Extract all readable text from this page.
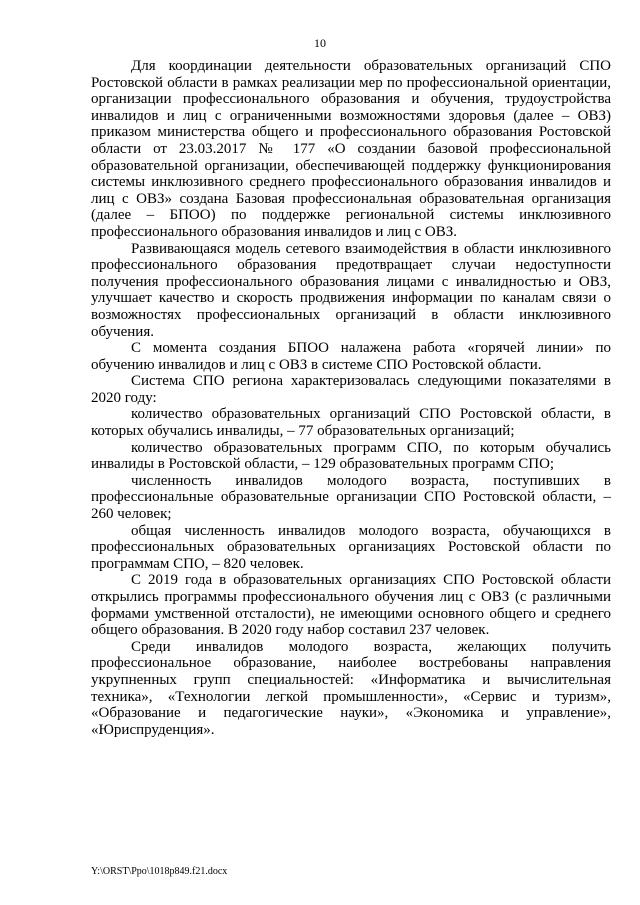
10

Для координации деятельности образовательных организаций СПО Ростовской области в рамках реализации мер по профессиональной ориентации, организации профессионального образования и обучения, трудоустройства инвалидов и лиц с ограниченными возможностями здоровья (далее – ОВЗ) приказом министерства общего и профессионального образования Ростовской области от 23.03.2017 № 177 «О создании базовой профессиональной образовательной организации, обеспечивающей поддержку функционирования системы инклюзивного среднего профессионального образования инвалидов и лиц с ОВЗ» создана Базовая профессиональная образовательная организация (далее – БПОО) по поддержке региональной системы инклюзивного профессионального образования инвалидов и лиц с ОВЗ.

Развивающаяся модель сетевого взаимодействия в области инклюзивного профессионального образования предотвращает случаи недоступности получения профессионального образования лицами с инвалидностью и ОВЗ, улучшает качество и скорость продвижения информации по каналам связи о возможностях профессиональных организаций в области инклюзивного обучения.

С момента создания БПОО налажена работа «горячей линии» по обучению инвалидов и лиц с ОВЗ в системе СПО Ростовской области.

Система СПО региона характеризовалась следующими показателями в 2020 году:

количество образовательных организаций СПО Ростовской области, в которых обучались инвалиды, – 77 образовательных организаций;

количество образовательных программ СПО, по которым обучались инвалиды в Ростовской области, – 129 образовательных программ СПО;

численность инвалидов молодого возраста, поступивших в профессиональные образовательные организации СПО Ростовской области, – 260 человек;

общая численность инвалидов молодого возраста, обучающихся в профессиональных образовательных организациях Ростовской области по программам СПО, – 820 человек.

С 2019 года в образовательных организациях СПО Ростовской области открылись программы профессионального обучения лиц с ОВЗ (с различными формами умственной отсталости), не имеющими основного общего и среднего общего образования. В 2020 году набор составил 237 человек.

Среди инвалидов молодого возраста, желающих получить профессиональное образование, наиболее востребованы направления укрупненных групп специальностей: «Информатика и вычислительная техника», «Технологии легкой промышленности», «Сервис и туризм», «Образование и педагогические науки», «Экономика и управление», «Юриспруденция».

Y:\ORST\Ppo\1018p849.f21.docx
